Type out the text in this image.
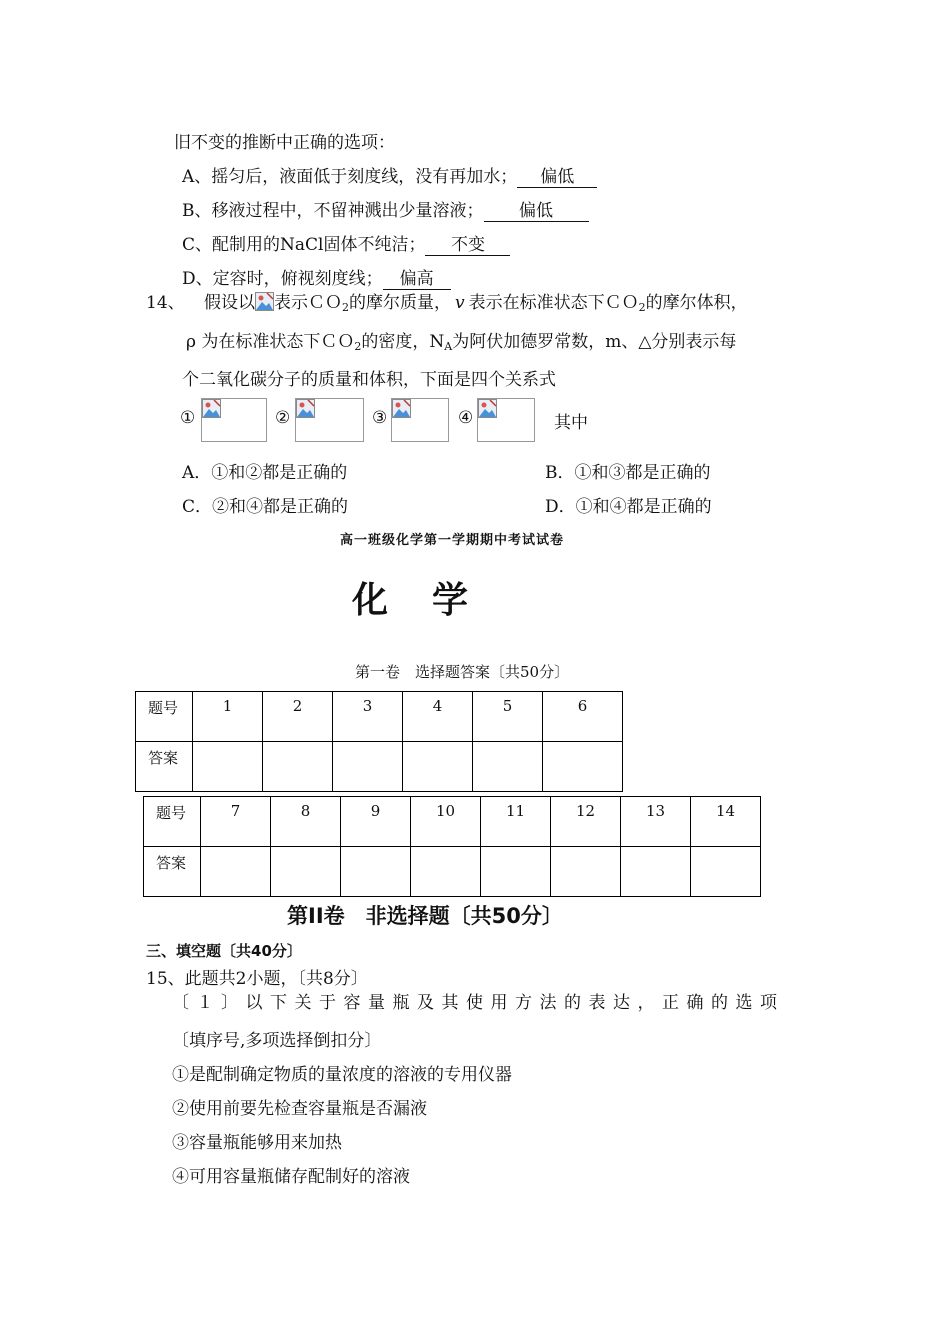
旧不变的推断中正确的选项：
A、摇匀后，液面低于刻度线，没有再加水； 偏低
B、移液过程中，不留神溅出少量溶液； 偏低
C、配制用的NaCl固体不纯洁； 不变
D、定容时，俯视刻度线； 偏高
14、 假设以 表示ＣＯ$_2$的摩尔质量， v 表示在标准状态下ＣＯ$_2$的摩尔体积，
ρ 为在标准状态下ＣＯ$_2$的密度，$N_A$为阿伏加德罗常数，m、△分别表示每
个二氧化碳分子的质量和体积，下面是四个关系式
①	②	③	④	其中
A．①和②都是正确的	B．①和③都是正确的
C．②和④都是正确的	D．①和④都是正确的
高一班级化学第一学期期中考试试卷
化　学
第一卷　选择题答案〔共50分〕
题号	1	2	3	4	5	6
答案						
题号	7	8	9	10	11	12	13	14
答案								
第II卷　非选择题〔共50分〕
三、填空题〔共40分〕
15、此题共2小题，〔共8分〕
〔１〕以下关于容量瓶及其使用方法的表达，正确的选项
〔填序号,多项选择倒扣分〕
①是配制确定物质的量浓度的溶液的专用仪器
②使用前要先检查容量瓶是否漏液
③容量瓶能够用来加热
④可用容量瓶储存配制好的溶液
